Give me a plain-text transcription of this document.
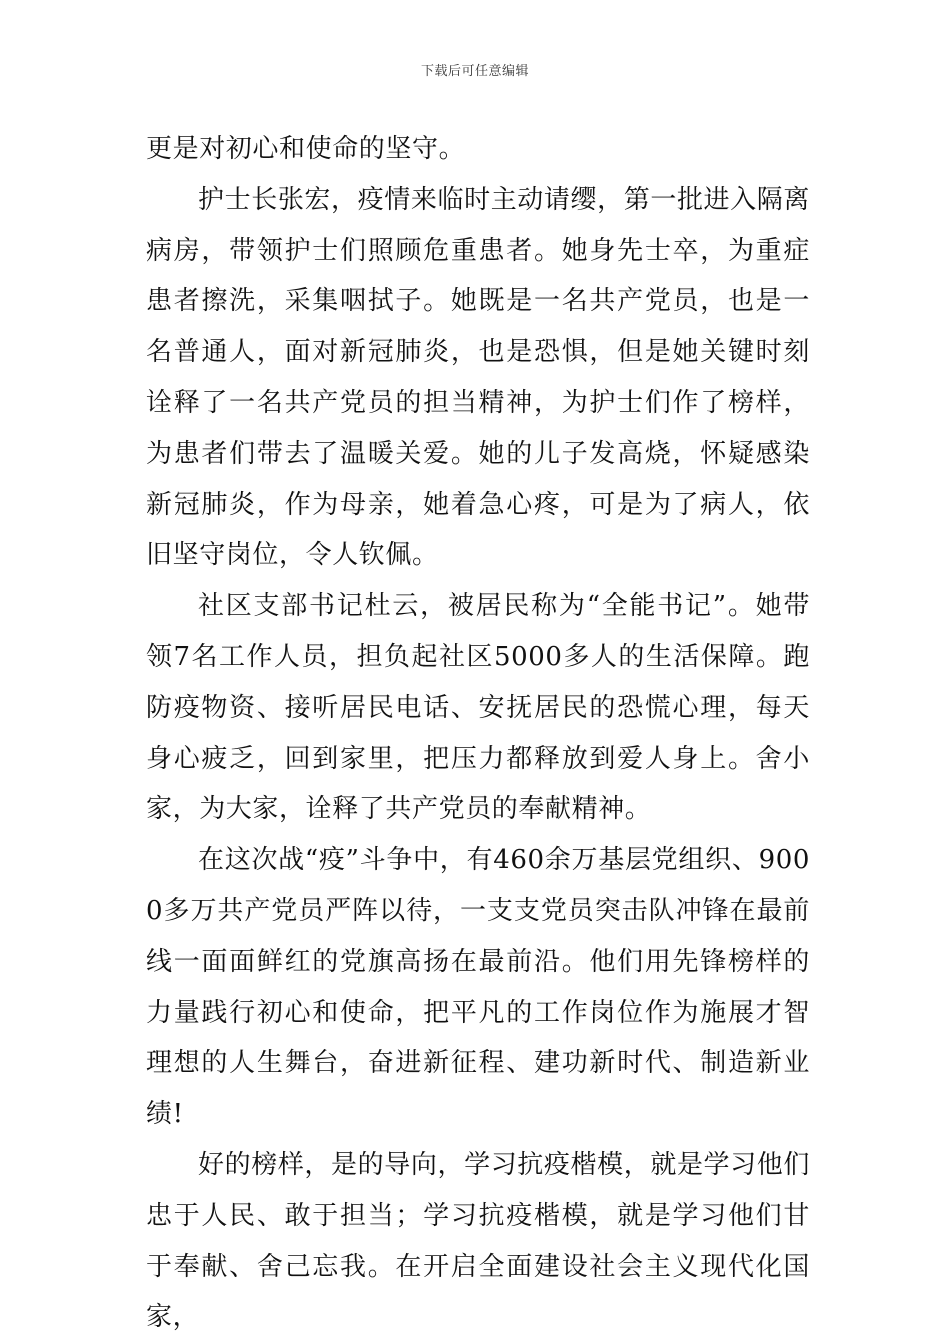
下载后可任意编辑

更是对初心和使命的坚守。

护士长张宏，疫情来临时主动请缨，第一批进入隔离病房，带领护士们照顾危重患者。她身先士卒，为重症患者擦洗，采集咽拭子。她既是一名共产党员，也是一名普通人，面对新冠肺炎，也是恐惧，但是她关键时刻诠释了一名共产党员的担当精神，为护士们作了榜样，为患者们带去了温暖关爱。她的儿子发高烧，怀疑感染新冠肺炎，作为母亲，她着急心疼，可是为了病人，依旧坚守岗位，令人钦佩。

社区支部书记杜云，被居民称为“全能书记”。她带领7名工作人员，担负起社区5000多人的生活保障。跑防疫物资、接听居民电话、安抚居民的恐慌心理，每天身心疲乏，回到家里，把压力都释放到爱人身上。舍小家，为大家，诠释了共产党员的奉献精神。

在这次战“疫”斗争中，有460余万基层党组织、9000多万共产党员严阵以待，一支支党员突击队冲锋在最前线一面面鲜红的党旗高扬在最前沿。他们用先锋榜样的力量践行初心和使命，把平凡的工作岗位作为施展才智理想的人生舞台，奋进新征程、建功新时代、制造新业绩!

好的榜样，是的导向，学习抗疫楷模，就是学习他们忠于人民、敢于担当；学习抗疫楷模，就是学习他们甘于奉献、舍己忘我。在开启全面建设社会主义现代化国家，
